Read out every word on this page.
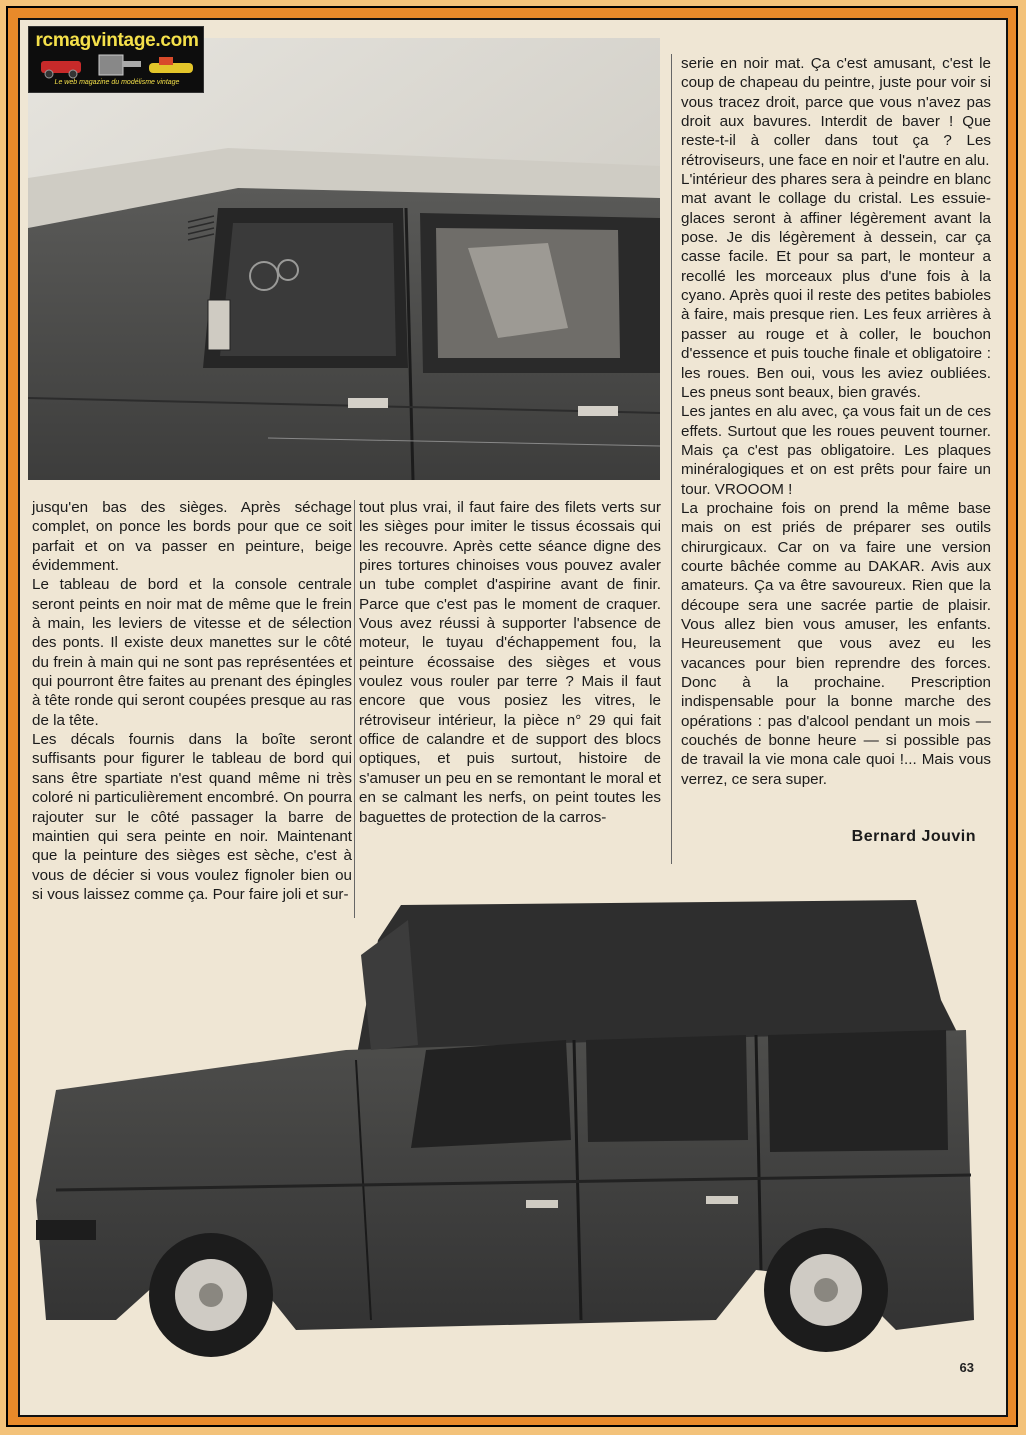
rcmagvintage.com
Le web magazine du modélisme vintage
serie en noir mat. Ça c'est amusant, c'est le coup de chapeau du peintre, juste pour voir si vous tracez droit, parce que vous n'avez pas droit aux bavures. Interdit de baver ! Que reste-t-il à coller dans tout ça ? Les rétroviseurs, une face en noir et l'autre en alu.
L'intérieur des phares sera à peindre en blanc mat avant le collage du cristal. Les essuie-glaces seront à affiner légèrement avant la pose. Je dis légèrement à dessein, car ça casse facile. Et pour sa part, le monteur a recollé les morceaux plus d'une fois à la cyano. Après quoi il reste des petites babioles à faire, mais presque rien. Les feux arrières à passer au rouge et à coller, le bouchon d'essence et puis touche finale et obligatoire : les roues. Ben oui, vous les aviez oubliées. Les pneus sont beaux, bien gravés.
Les jantes en alu avec, ça vous fait un de ces effets. Surtout que les roues peuvent tourner. Mais ça c'est pas obligatoire. Les plaques minéralogiques et on est prêts pour faire un tour. VROOOM !
La prochaine fois on prend la même base mais on est priés de préparer ses outils chirurgicaux. Car on va faire une version courte bâchée comme au DAKAR. Avis aux amateurs. Ça va être savoureux. Rien que la découpe sera une sacrée partie de plaisir. Vous allez bien vous amuser, les enfants. Heureusement que vous avez eu les vacances pour bien reprendre des forces. Donc à la prochaine. Prescription indispensable pour la bonne marche des opérations : pas d'alcool pendant un mois — couchés de bonne heure — si possible pas de travail la vie mona cale quoi !... Mais vous verrez, ce sera super.
jusqu'en bas des sièges. Après séchage complet, on ponce les bords pour que ce soit parfait et on va passer en peinture, beige évidemment.
Le tableau de bord et la console centrale seront peints en noir mat de même que le frein à main, les leviers de vitesse et de sélection des ponts. Il existe deux manettes sur le côté du frein à main qui ne sont pas représentées et qui pourront être faites au prenant des épingles à tête ronde qui seront coupées presque au ras de la tête.
Les décals fournis dans la boîte seront suffisants pour figurer le tableau de bord qui sans être spartiate n'est quand même ni très coloré ni particulièrement encombré. On pourra rajouter sur le côté passager la barre de maintien qui sera peinte en noir. Maintenant que la peinture des sièges est sèche, c'est à vous de décier si vous voulez fignoler bien ou si vous laissez comme ça. Pour faire joli et sur-
tout plus vrai, il faut faire des filets verts sur les sièges pour imiter le tissus écossais qui les recouvre. Après cette séance digne des pires tortures chinoises vous pouvez avaler un tube complet d'aspirine avant de finir. Parce que c'est pas le moment de craquer. Vous avez réussi à supporter l'absence de moteur, le tuyau d'échappement fou, la peinture écossaise des sièges et vous voulez vous rouler par terre ? Mais il faut encore que vous posiez les vitres, le rétroviseur intérieur, la pièce n° 29 qui fait office de calandre et de support des blocs optiques, et puis surtout, histoire de s'amuser un peu en se remontant le moral et en se calmant les nerfs, on peint toutes les baguettes de protection de la carros-
Bernard Jouvin
63
